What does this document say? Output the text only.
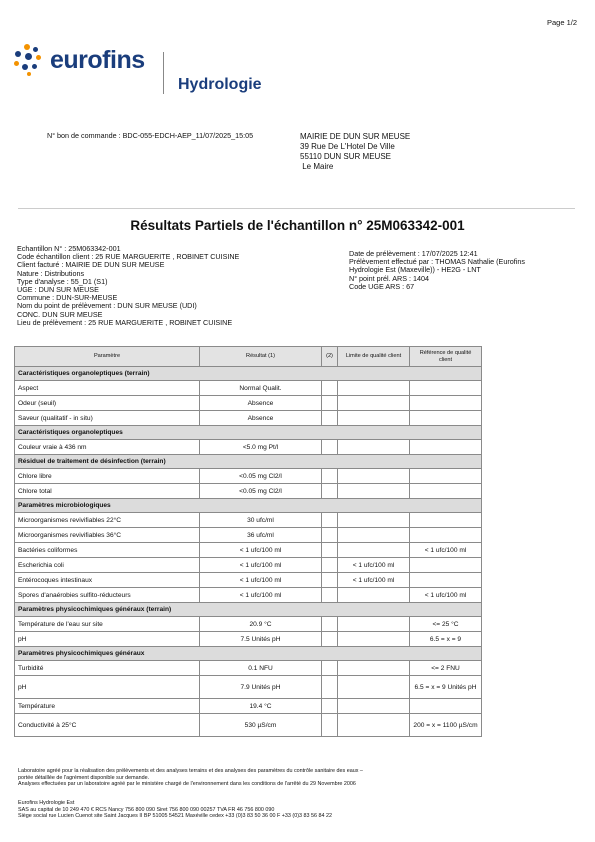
Page 1/2
eurofins
Hydrologie
N° bon de commande : BDC-055-EDCH-AEP_11/07/2025_15:05	MAIRIE DE DUN SUR MEUSE
39 Rue De L'Hotel De Ville
55110 DUN SUR MEUSE
Le Maire
Résultats Partiels de l'échantillon n° 25M063342-001
Echantillon N° : 25M063342-001
Code échantillon client : 25 RUE MARGUERITE , ROBINET CUISINE
Client facturé : MAIRIE DE DUN SUR MEUSE
Nature : Distributions
Type d'analyse : 55_D1 (S1)
UGE : DUN SUR MEUSE
Commune : DUN-SUR-MEUSE
Nom du point de prélèvement : DUN SUR MEUSE (UDI)
CONC. DUN SUR MEUSE
Lieu de prélèvement : 25 RUE MARGUERITE , ROBINET CUISINE
Date de prélèvement : 17/07/2025 12:41
Prélèvement effectué par : THOMAS Nathalie (Eurofins
Hydrologie Est (Maxeville)) - HE2G - LNT
N° point prél. ARS : 1404
Code UGE ARS : 67
Paramètre	Résultat (1)	(2)	Limite de qualité client	Référence de qualité client	
Caractéristiques organoleptiques (terrain)					
Aspect	Normal Qualit.				
Odeur (seuil)	Absence				
Saveur (qualitatif - in situ)	Absence				
Caractéristiques organoleptiques					
Couleur vraie à 436 nm	<5.0 mg Pt/l				
Résiduel de traitement de désinfection (terrain)					
Chlore libre	<0.05 mg Cl2/l				
Chlore total	<0.05 mg Cl2/l				
Paramètres microbiologiques					
Microorganismes revivifiables 22°C	30 ufc/ml				
Microorganismes revivifiables 36°C	36 ufc/ml				
Bactéries coliformes	< 1 ufc/100 ml			< 1 ufc/100 ml	
Escherichia coli	< 1 ufc/100 ml		< 1 ufc/100 ml		
Entérocoques intestinaux	< 1 ufc/100 ml		< 1 ufc/100 ml		
Spores d'anaérobies sulfito-réducteurs	< 1 ufc/100 ml			< 1 ufc/100 ml	
Paramètres physicochimiques généraux (terrain)					
Température de l'eau sur site	20.9 °C			<= 25 °C	
pH	7.5 Unités pH			6.5 = x = 9	
Paramètres physicochimiques généraux					
Turbidité	0.1 NFU			<= 2 FNU	
pH	7.9 Unités pH			6.5 = x = 9 Unités pH	
Température	19.4 °C				
Conductivité à 25°C	530 µS/cm			200 = x = 1100 µS/cm	
Laboratoire agréé pour la réalisation des prélèvements et des analyses terrains et des analyses des paramètres du contrôle sanitaire des eaux –
portée détaillée de l'agrément disponible sur demande.
Analyses effectuées par un laboratoire agréé par le ministère chargé de l'environnement dans les conditions de l'arrêté du 29 Novembre 2006
Eurofins Hydrologie Est
SAS au capital de 10 249 470 € RCS Nancy 756 800 090 Siret 756 800 090 00257 TVA FR 46 756 800 090
Siège social rue Lucien Cuenot site Saint Jacques II BP 51005 54521 Maxéville cedex +33 (0)3 83 50 36 00 F +33 (0)3 83 56 84 22
